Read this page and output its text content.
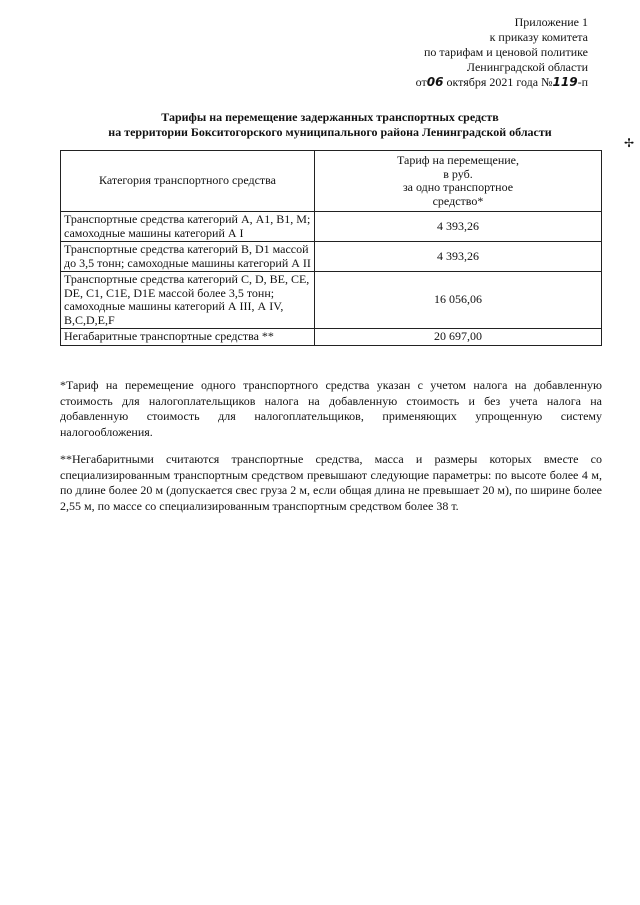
Приложение 1
к приказу комитета
по тарифам и ценовой политике
Ленинградской области
от06 октября 2021 года №119-п
✢
Тарифы на перемещение задержанных транспортных средств
на территории Бокситогорского муниципального района Ленинградской области
Категория транспортного средства	Тариф на перемещение,
в руб.
за одно транспортное
средство*

Транспортные средства категорий А, А1, В1, М; самоходные машины категорий А I	4 393,26
Транспортные средства категорий В, D1 массой до 3,5 тонн; самоходные машины категорий А II	4 393,26
Транспортные средства категорий С, D, ВЕ, СЕ, DE, С1, С1Е, D1E массой более 3,5 тонн; самоходные машины категорий А III, А IV, B,C,D,E,F	16 056,06
Негабаритные транспортные средства **	20 697,00
*Тариф на перемещение одного транспортного средства указан с учетом налога на добавленную стоимость для налогоплательщиков налога на добавленную стоимость и без учета налога на добавленную стоимость для налогоплательщиков, применяющих упрощенную систему налогообложения.
**Негабаритными считаются транспортные средства, масса и размеры которых вместе со специализированным транспортным средством превышают следующие параметры: по высоте более 4 м, по длине более 20 м (допускается свес груза 2 м, если общая длина не превышает 20 м), по ширине более 2,55 м, по массе со специализированным транспортным средством более 38 т.
